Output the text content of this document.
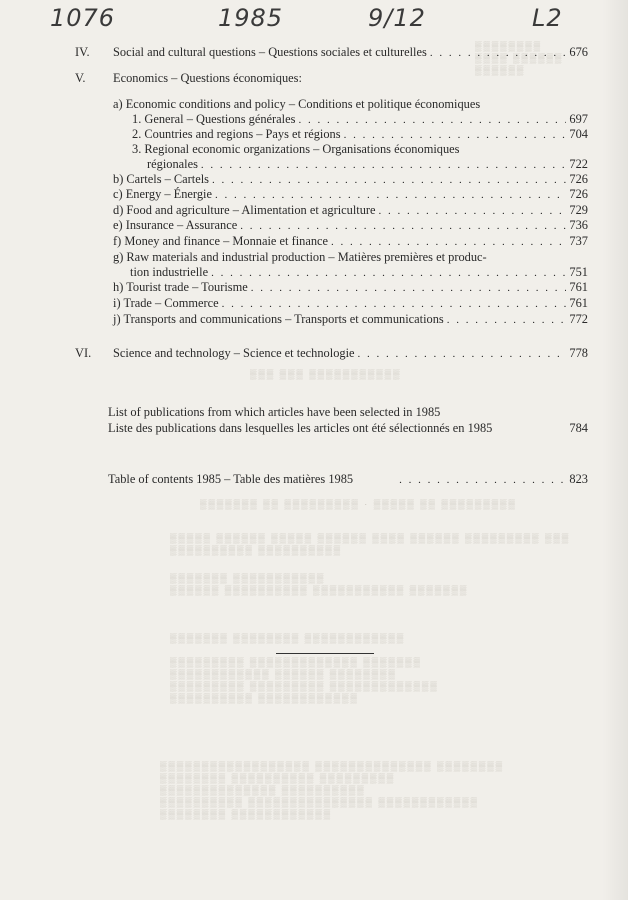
▒▒▒▒▒▒▒▒
▒▒▒▒ ▒▒▒▒▒▒
▒▒▒▒▒▒
▒▒▒ ▒▒▒ ▒▒▒▒▒▒▒▒▒▒▒
▒▒▒▒▒▒▒ ▒▒ ▒▒▒▒▒▒▒▒▒ · ▒▒▒▒▒ ▒▒ ▒▒▒▒▒▒▒▒▒
▒▒▒▒▒ ▒▒▒▒▒▒ ▒▒▒▒▒ ▒▒▒▒▒▒ ▒▒▒▒ ▒▒▒▒▒▒ ▒▒▒▒▒▒▒▒▒ ▒▒▒
▒▒▒▒▒▒▒▒▒▒ ▒▒▒▒▒▒▒▒▒▒
▒▒▒▒▒▒▒ ▒▒▒▒▒▒▒▒▒▒▒
▒▒▒▒▒▒ ▒▒▒▒▒▒▒▒▒▒ ▒▒▒▒▒▒▒▒▒▒▒ ▒▒▒▒▒▒▒
▒▒▒▒▒▒▒ ▒▒▒▒▒▒▒▒ ▒▒▒▒▒▒▒▒▒▒▒▒

▒▒▒▒▒▒▒▒▒ ▒▒▒▒▒▒▒▒▒▒▒▒▒ ▒▒▒▒▒▒▒
▒▒▒▒▒▒▒▒▒▒▒▒ ▒▒▒▒▒▒ ▒▒▒▒▒▒▒▒
▒▒▒▒▒▒▒▒▒ ▒▒▒▒▒▒▒▒▒ ▒▒▒▒▒▒▒▒▒▒▒▒▒
▒▒▒▒▒▒▒▒▒▒ ▒▒▒▒▒▒▒▒▒▒▒▒
▒▒▒▒▒▒▒▒▒▒▒▒▒▒▒▒▒▒ ▒▒▒▒▒▒▒▒▒▒▒▒▒▒ ▒▒▒▒▒▒▒▒
▒▒▒▒▒▒▒▒ ▒▒▒▒▒▒▒▒▒▒ ▒▒▒▒▒▒▒▒▒
▒▒▒▒▒▒▒▒▒▒▒▒▒▒ ▒▒▒▒▒▒▒▒▒▒
▒▒▒▒▒▒▒▒▒▒ ▒▒▒▒▒▒▒▒▒▒▒▒▒▒▒ ▒▒▒▒▒▒▒▒▒▒▒▒
▒▒▒▒▒▒▒▒ ▒▒▒▒▒▒▒▒▒▒▒▒
1076	1985	9/12	L2
IV.	Social and cultural questions – Questions sociales et culturelles . . .	676
V. Economics – Questions économiques:
a) Economic conditions and policy – Conditions et politique économiques
1. General – Questions générales . . .	697
2. Countries and regions – Pays et régions . . .	704
3. Regional economic organizations – Organisations économiques
régionales . . .	722
b) Cartels – Cartels . . .	726
c) Energy – Énergie . . .	726
d) Food and agriculture – Alimentation et agriculture . . .	729
e) Insurance – Assurance . . .	736
f) Money and finance – Monnaie et finance . . .	737
g) Raw materials and industrial production – Matières premières et produc-
tion industrielle . . .	751
h) Tourist trade – Tourisme . . .	761
i) Trade – Commerce . . .	761
j) Transports and communications – Transports et communications . . .	772
VI.	Science and technology – Science et technologie . . .	778
List of publications from which articles have been selected in 1985
Liste des publications dans lesquelles les articles ont été sélectionnés en 1985	784
Table of contents 1985 – Table des matières 1985 . . .	823
